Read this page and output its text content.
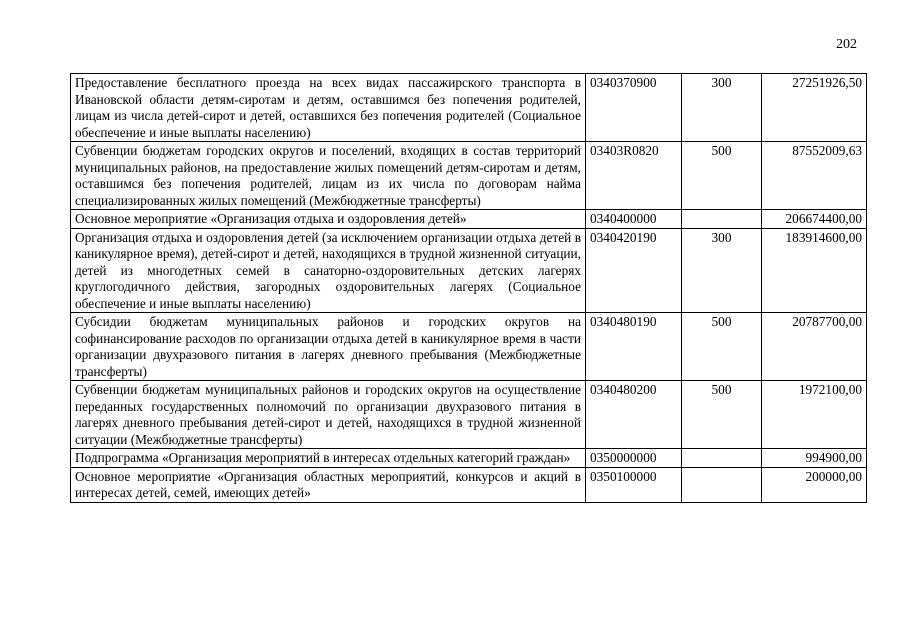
202
Предоставление бесплатного проезда на всех видах пассажирского транспорта в Ивановской области детям-сиротам и детям, оставшимся без попечения родителей, лицам из числа детей-сирот и детей, оставшихся без попечения родителей (Социальное обеспечение и иные выплаты населению)	0340370900	300	27251926,50
Субвенции бюджетам городских округов и поселений, входящих в состав территорий муниципальных районов, на предоставление жилых помещений детям-сиротам и детям, оставшимся без попечения родителей, лицам из их числа по договорам найма специализированных жилых помещений (Межбюджетные трансферты)	03403R0820	500	87552009,63
Основное мероприятие «Организация отдыха и оздоровления детей»	0340400000		206674400,00
Организация отдыха и оздоровления детей (за исключением организации отдыха детей в каникулярное время), детей-сирот и детей, находящихся в трудной жизненной ситуации, детей из многодетных семей в санаторно-оздоровительных детских лагерях круглогодичного действия, загородных оздоровительных лагерях (Социальное обеспечение и иные выплаты населению)	0340420190	300	183914600,00
Субсидии бюджетам муниципальных районов и городских округов на софинансирование расходов по организации отдыха детей в каникулярное время в части организации двухразового питания в лагерях дневного пребывания (Межбюджетные трансферты)	0340480190	500	20787700,00
Субвенции бюджетам муниципальных районов и городских округов на осуществление переданных государственных полномочий по организации двухразового питания в лагерях дневного пребывания детей-сирот и детей, находящихся в трудной жизненной ситуации (Межбюджетные трансферты)	0340480200	500	1972100,00
Подпрограмма «Организация мероприятий в интересах отдельных категорий граждан»	0350000000		994900,00
Основное мероприятие «Организация областных мероприятий, конкурсов и акций в интересах детей, семей, имеющих детей»	0350100000		200000,00
